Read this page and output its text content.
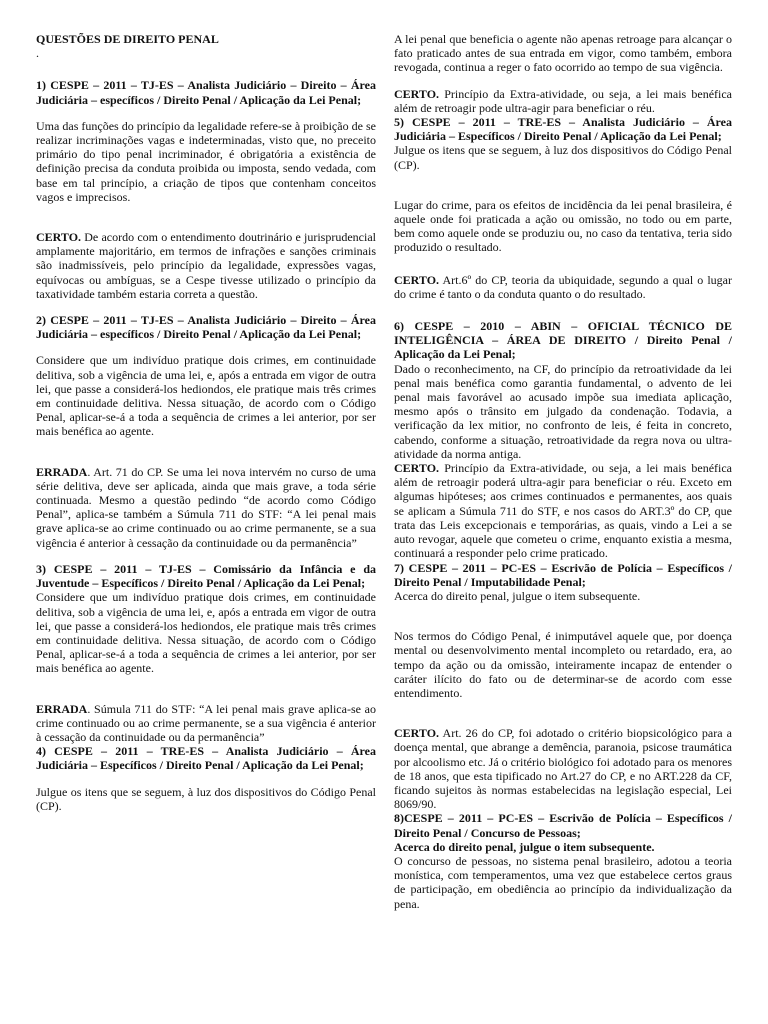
QUESTÕES DE DIREITO PENAL

.

1) CESPE – 2011 – TJ-ES – Analista Judiciário – Direito – Área Judiciária – específicos / Direito Penal / Aplicação da Lei Penal;

Uma das funções do princípio da legalidade refere-se à proibição de se realizar incriminações vagas e indeterminadas, visto que, no preceito primário do tipo penal incriminador, é obrigatória a existência de definição precisa da conduta proibida ou imposta, sendo vedada, com base em tal princípio, a criação de tipos que contenham conceitos vagos e imprecisos.

CERTO. De acordo com o entendimento doutrinário e jurisprudencial amplamente majoritário, em termos de infrações e sanções criminais são inadmissíveis, pelo princípio da legalidade, expressões vagas, equívocas ou ambíguas, se a Cespe tivesse utilizado o princípio da taxatividade também estaria correta a questão.

2) CESPE – 2011 – TJ-ES – Analista Judiciário – Direito – Área Judiciária – específicos / Direito Penal / Aplicação da Lei Penal;

Considere que um indivíduo pratique dois crimes, em continuidade delitiva, sob a vigência de uma lei, e, após a entrada em vigor de outra lei, que passe a considerá-los hediondos, ele pratique mais três crimes em continuidade delitiva. Nessa situação, de acordo com o Código Penal, aplicar-se-á a toda a sequência de crimes a lei anterior, por ser mais benéfica ao agente.

ERRADA. Art. 71 do CP. Se uma lei nova intervém no curso de uma série delitiva, deve ser aplicada, ainda que mais grave, a toda série continuada. Mesmo a questão pedindo “de acordo como Código Penal”, aplica-se também a Súmula 711 do STF: “A lei penal mais grave aplica-se ao crime continuado ou ao crime permanente, se a sua vigência é anterior à cessação da continuidade ou da permanência”

3) CESPE – 2011 – TJ-ES – Comissário da Infância e da Juventude – Específicos / Direito Penal / Aplicação da Lei Penal;

Considere que um indivíduo pratique dois crimes, em continuidade delitiva, sob a vigência de uma lei, e, após a entrada em vigor de outra lei, que passe a considerá-los hediondos, ele pratique mais três crimes em continuidade delitiva. Nessa situação, de acordo com o Código Penal, aplicar-se-á a toda a sequência de crimes a lei anterior, por ser mais benéfica ao agente.

ERRADA. Súmula 711 do STF: “A lei penal mais grave aplica-se ao crime continuado ou ao crime permanente, se a sua vigência é anterior à cessação da continuidade ou da permanência”

4) CESPE – 2011 – TRE-ES – Analista Judiciário – Área Judiciária – Específicos / Direito Penal / Aplicação da Lei Penal;

Julgue os itens que se seguem, à luz dos dispositivos do Código Penal (CP).

A lei penal que beneficia o agente não apenas retroage para alcançar o fato praticado antes de sua entrada em vigor, como também, embora revogada, continua a reger o fato ocorrido ao tempo de sua vigência.

CERTO. Princípio da Extra-atividade, ou seja, a lei mais benéfica além de retroagir pode ultra-agir para beneficiar o réu.

5) CESPE – 2011 – TRE-ES – Analista Judiciário – Área Judiciária – Específicos / Direito Penal / Aplicação da Lei Penal;

Julgue os itens que se seguem, à luz dos dispositivos do Código Penal (CP).

Lugar do crime, para os efeitos de incidência da lei penal brasileira, é aquele onde foi praticada a ação ou omissão, no todo ou em parte, bem como aquele onde se produziu ou, no caso da tentativa, teria sido produzido o resultado.

CERTO. Art.6º do CP, teoria da ubiquidade, segundo a qual o lugar do crime é tanto o da conduta quanto o do resultado.

6) CESPE – 2010 – ABIN – OFICIAL TÉCNICO DE INTELIGÊNCIA – ÁREA DE DIREITO / Direito Penal / Aplicação da Lei Penal;

Dado o reconhecimento, na CF, do princípio da retroatividade da lei penal mais benéfica como garantia fundamental, o advento de lei penal mais favorável ao acusado impõe sua imediata aplicação, mesmo após o trânsito em julgado da condenação. Todavia, a verificação da lex mitior, no confronto de leis, é feita in concreto, cabendo, conforme a situação, retroatividade da regra nova ou ultra-atividade da norma antiga.

CERTO. Princípio da Extra-atividade, ou seja, a lei mais benéfica além de retroagir poderá ultra-agir para beneficiar o réu. Exceto em algumas hipóteses; aos crimes continuados e permanentes, aos quais se aplicam a Súmula 711 do STF, e nos casos do ART.3º do CP, que trata das Leis excepcionais e temporárias, as quais, vindo a Lei a se auto revogar, aquele que cometeu o crime, enquanto existia a mesma, continuará a responder pelo crime praticado.

7) CESPE – 2011 – PC-ES – Escrivão de Polícia – Específicos / Direito Penal / Imputabilidade Penal;

Acerca do direito penal, julgue o item subsequente.

Nos termos do Código Penal, é inimputável aquele que, por doença mental ou desenvolvimento mental incompleto ou retardado, era, ao tempo da ação ou da omissão, inteiramente incapaz de entender o caráter ilícito do fato ou de determinar-se de acordo com esse entendimento.

CERTO. Art. 26 do CP, foi adotado o critério biopsicológico para a doença mental, que abrange a demência, paranoia, psicose traumática por alcoolismo etc. Já o critério biológico foi adotado para os menores de 18 anos, que esta tipificado no Art.27 do CP, e no ART.228 da CF, ficando sujeitos às normas estabelecidas na legislação especial, Lei 8069/90.

8)CESPE – 2011 – PC-ES – Escrivão de Polícia – Específicos / Direito Penal / Concurso de Pessoas;

Acerca do direito penal, julgue o item subsequente.

O concurso de pessoas, no sistema penal brasileiro, adotou a teoria monística, com temperamentos, uma vez que estabelece certos graus de participação, em obediência ao princípio da individualização da pena.
